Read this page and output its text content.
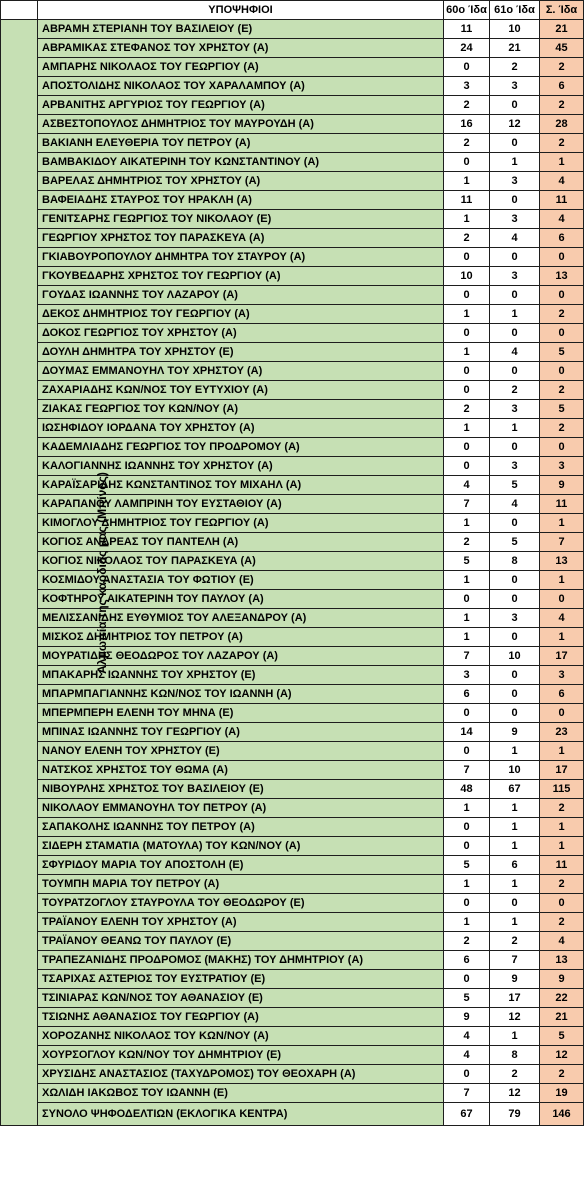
	ΥΠΟΨΗΦΙΟΙ	60ο Ίδα	61ο Ίδα	Σ. Ίδα
Αλμωπία της καρδιάς μας (Μπίνος)	ΑΒΡΑΜΗ ΣΤΕΡΙΑΝΗ ΤΟΥ ΒΑΣΙΛΕΙΟΥ (Ε)	11	10	21
	ΑΒΡΑΜΙΚΑΣ ΣΤΕΦΑΝΟΣ ΤΟΥ ΧΡΗΣΤΟΥ (Α)	24	21	45
	ΑΜΠΑΡΗΣ ΝΙΚΟΛΑΟΣ ΤΟΥ ΓΕΩΡΓΙΟΥ (Α)	0	2	2
	ΑΠΟΣΤΟΛΙΔΗΣ ΝΙΚΟΛΑΟΣ ΤΟΥ ΧΑΡΑΛΑΜΠΟΥ (Α)	3	3	6
	ΑΡΒΑΝΙΤΗΣ ΑΡΓΥΡΙΟΣ ΤΟΥ ΓΕΩΡΓΙΟΥ (Α)	2	0	2
	ΑΣΒΕΣΤΟΠΟΥΛΟΣ ΔΗΜΗΤΡΙΟΣ ΤΟΥ ΜΑΥΡΟΥΔΗ (Α)	16	12	28
	ΒΑΚΙΑΝΗ ΕΛΕΥΘΕΡΙΑ ΤΟΥ ΠΕΤΡΟΥ (Α)	2	0	2
	ΒΑΜΒΑΚΙΔΟΥ ΑΙΚΑΤΕΡΙΝΗ ΤΟΥ ΚΩΝΣΤΑΝΤΙΝΟΥ (Α)	0	1	1
	ΒΑΡΕΛΑΣ ΔΗΜΗΤΡΙΟΣ ΤΟΥ ΧΡΗΣΤΟΥ (Α)	1	3	4
	ΒΑΦΕΙΑΔΗΣ ΣΤΑΥΡΟΣ ΤΟΥ ΗΡΑΚΛΗ (Α)	11	0	11
	ΓΕΝΙΤΣΑΡΗΣ ΓΕΩΡΓΙΟΣ ΤΟΥ ΝΙΚΟΛΑΟΥ (Ε)	1	3	4
	ΓΕΩΡΓΙΟΥ ΧΡΗΣΤΟΣ ΤΟΥ ΠΑΡΑΣΚΕΥΑ (Α)	2	4	6
	ΓΚΙΑΒΟΥΡΟΠΟΥΛΟΥ ΔΗΜΗΤΡΑ ΤΟΥ ΣΤΑΥΡΟΥ (Α)	0	0	0
	ΓΚΟΥΒΕΔΑΡΗΣ ΧΡΗΣΤΟΣ ΤΟΥ ΓΕΩΡΓΙΟΥ (Α)	10	3	13
	ΓΟΥΔΑΣ ΙΩΑΝΝΗΣ ΤΟΥ ΛΑΖΑΡΟΥ (Α)	0	0	0
	ΔΕΚΟΣ ΔΗΜΗΤΡΙΟΣ ΤΟΥ ΓΕΩΡΓΙΟΥ (Α)	1	1	2
	ΔΟΚΟΣ ΓΕΩΡΓΙΟΣ ΤΟΥ ΧΡΗΣΤΟΥ (Α)	0	0	0
	ΔΟΥΛΗ ΔΗΜΗΤΡΑ ΤΟΥ ΧΡΗΣΤΟΥ (Ε)	1	4	5
	ΔΟΥΜΑΣ ΕΜΜΑΝΟΥΗΛ ΤΟΥ ΧΡΗΣΤΟΥ (Α)	0	0	0
	ΖΑΧΑΡΙΑΔΗΣ ΚΩΝ/ΝΟΣ ΤΟΥ ΕΥΤΥΧΙΟΥ (Α)	0	2	2
	ΖΙΑΚΑΣ ΓΕΩΡΓΙΟΣ ΤΟΥ ΚΩΝ/ΝΟΥ (Α)	2	3	5
	ΙΩΣΗΦΙΔΟΥ ΙΟΡΔΑΝΑ ΤΟΥ ΧΡΗΣΤΟΥ (Α)	1	1	2
	ΚΑΔΕΜΛΙΑΔΗΣ ΓΕΩΡΓΙΟΣ ΤΟΥ ΠΡΟΔΡΟΜΟΥ (Α)	0	0	0
	ΚΑΛΟΓΙΑΝΝΗΣ ΙΩΑΝΝΗΣ ΤΟΥ ΧΡΗΣΤΟΥ (Α)	0	3	3
	ΚΑΡΑΪΣΑΡΙΔΗΣ ΚΩΝΣΤΑΝΤΙΝΟΣ ΤΟΥ ΜΙΧΑΗΛ (Α)	4	5	9
	ΚΑΡΑΠΑΝΟΥ ΛΑΜΠΡΙΝΗ ΤΟΥ ΕΥΣΤΑΘΙΟΥ (Α)	7	4	11
	ΚΙΜΟΓΛΟΥ ΔΗΜΗΤΡΙΟΣ ΤΟΥ ΓΕΩΡΓΙΟΥ (Α)	1	0	1
	ΚΟΓΙΟΣ ΑΝΔΡΕΑΣ ΤΟΥ ΠΑΝΤΕΛΗ (Α)	2	5	7
	ΚΟΓΙΟΣ ΝΙΚΟΛΑΟΣ ΤΟΥ ΠΑΡΑΣΚΕΥΑ (Α)	5	8	13
	ΚΟΣΜΙΔΟΥ ΑΝΑΣΤΑΣΙΑ ΤΟΥ ΦΩΤΙΟΥ (Ε)	1	0	1
	ΚΟΦΤΗΡΟΥ ΑΙΚΑΤΕΡΙΝΗ ΤΟΥ ΠΑΥΛΟΥ (Α)	0	0	0
	ΜΕΛΙΣΣΑΝΙΔΗΣ ΕΥΘΥΜΙΟΣ ΤΟΥ ΑΛΕΞΑΝΔΡΟΥ (Α)	1	3	4
	ΜΙΣΚΟΣ ΔΗΜΗΤΡΙΟΣ ΤΟΥ ΠΕΤΡΟΥ (Α)	1	0	1
	ΜΟΥΡΑΤΙΔΗΣ ΘΕΟΔΩΡΟΣ ΤΟΥ ΛΑΖΑΡΟΥ (Α)	7	10	17
	ΜΠΑΚΑΡΗΣ ΙΩΑΝΝΗΣ ΤΟΥ ΧΡΗΣΤΟΥ (Ε)	3	0	3
	ΜΠΑΡΜΠΑΓΙΑΝΝΗΣ ΚΩΝ/ΝΟΣ ΤΟΥ ΙΩΑΝΝΗ (Α)	6	0	6
	ΜΠΕΡΜΠΕΡΗ ΕΛΕΝΗ ΤΟΥ ΜΗΝΑ (Ε)	0	0	0
	ΜΠΙΝΑΣ ΙΩΑΝΝΗΣ ΤΟΥ ΓΕΩΡΓΙΟΥ (Α)	14	9	23
	ΝΑΝΟΥ ΕΛΕΝΗ ΤΟΥ ΧΡΗΣΤΟΥ (Ε)	0	1	1
	ΝΑΤΣΚΟΣ ΧΡΗΣΤΟΣ ΤΟΥ ΘΩΜΑ (Α)	7	10	17
	ΝΙΒΟΥΡΛΗΣ ΧΡΗΣΤΟΣ ΤΟΥ ΒΑΣΙΛΕΙΟΥ (Ε)	48	67	115
	ΝΙΚΟΛΑΟΥ ΕΜΜΑΝΟΥΗΛ ΤΟΥ ΠΕΤΡΟΥ (Α)	1	1	2
	ΣΑΠΑΚΟΛΗΣ ΙΩΑΝΝΗΣ ΤΟΥ ΠΕΤΡΟΥ (Α)	0	1	1
	ΣΙΔΕΡΗ ΣΤΑΜΑΤΙΑ (ΜΑΤΟΥΛΑ) ΤΟΥ ΚΩΝ/ΝΟΥ (Α)	0	1	1
	ΣΦΥΡΙΔΟΥ ΜΑΡΙΑ ΤΟΥ ΑΠΟΣΤΟΛΗ (Ε)	5	6	11
	ΤΟΥΜΠΗ ΜΑΡΙΑ ΤΟΥ ΠΕΤΡΟΥ (Α)	1	1	2
	ΤΟΥΡΑΤΖΟΓΛΟΥ ΣΤΑΥΡΟΥΛΑ ΤΟΥ ΘΕΟΔΩΡΟΥ (Ε)	0	0	0
	ΤΡΑΪΑΝΟΥ ΕΛΕΝΗ ΤΟΥ ΧΡΗΣΤΟΥ (Α)	1	1	2
	ΤΡΑΪΑΝΟΥ ΘΕΑΝΩ ΤΟΥ ΠΑΥΛΟΥ (Ε)	2	2	4
	ΤΡΑΠΕΖΑΝΙΔΗΣ ΠΡΟΔΡΟΜΟΣ (ΜΑΚΗΣ) ΤΟΥ ΔΗΜΗΤΡΙΟΥ (Α)	6	7	13
	ΤΣΑΡΙΧΑΣ ΑΣΤΕΡΙΟΣ ΤΟΥ ΕΥΣΤΡΑΤΙΟΥ (Ε)	0	9	9
	ΤΣΙΝΙΑΡΑΣ ΚΩΝ/ΝΟΣ ΤΟΥ ΑΘΑΝΑΣΙΟΥ (Ε)	5	17	22
	ΤΣΙΩΝΗΣ ΑΘΑΝΑΣΙΟΣ ΤΟΥ ΓΕΩΡΓΙΟΥ (Α)	9	12	21
	ΧΟΡΟΖΑΝΗΣ ΝΙΚΟΛΑΟΣ ΤΟΥ ΚΩΝ/ΝΟΥ (Α)	4	1	5
	ΧΟΥΡΣΟΓΛΟΥ ΚΩΝ/ΝΟΥ ΤΟΥ ΔΗΜΗΤΡΙΟΥ (Ε)	4	8	12
	ΧΡΥΣΙΔΗΣ ΑΝΑΣΤΑΣΙΟΣ (ΤΑΧΥΔΡΟΜΟΣ) ΤΟΥ ΘΕΟΧΑΡΗ (Α)	0	2	2
	ΧΩΛΙΔΗ ΙΑΚΩΒΟΣ ΤΟΥ ΙΩΑΝΝΗ (Ε)	7	12	19
	ΣΥΝΟΛΟ ΨΗΦΟΔΕΛΤΙΩΝ (ΕΚΛΟΓΙΚΑ ΚΕΝΤΡΑ)	67	79	146
